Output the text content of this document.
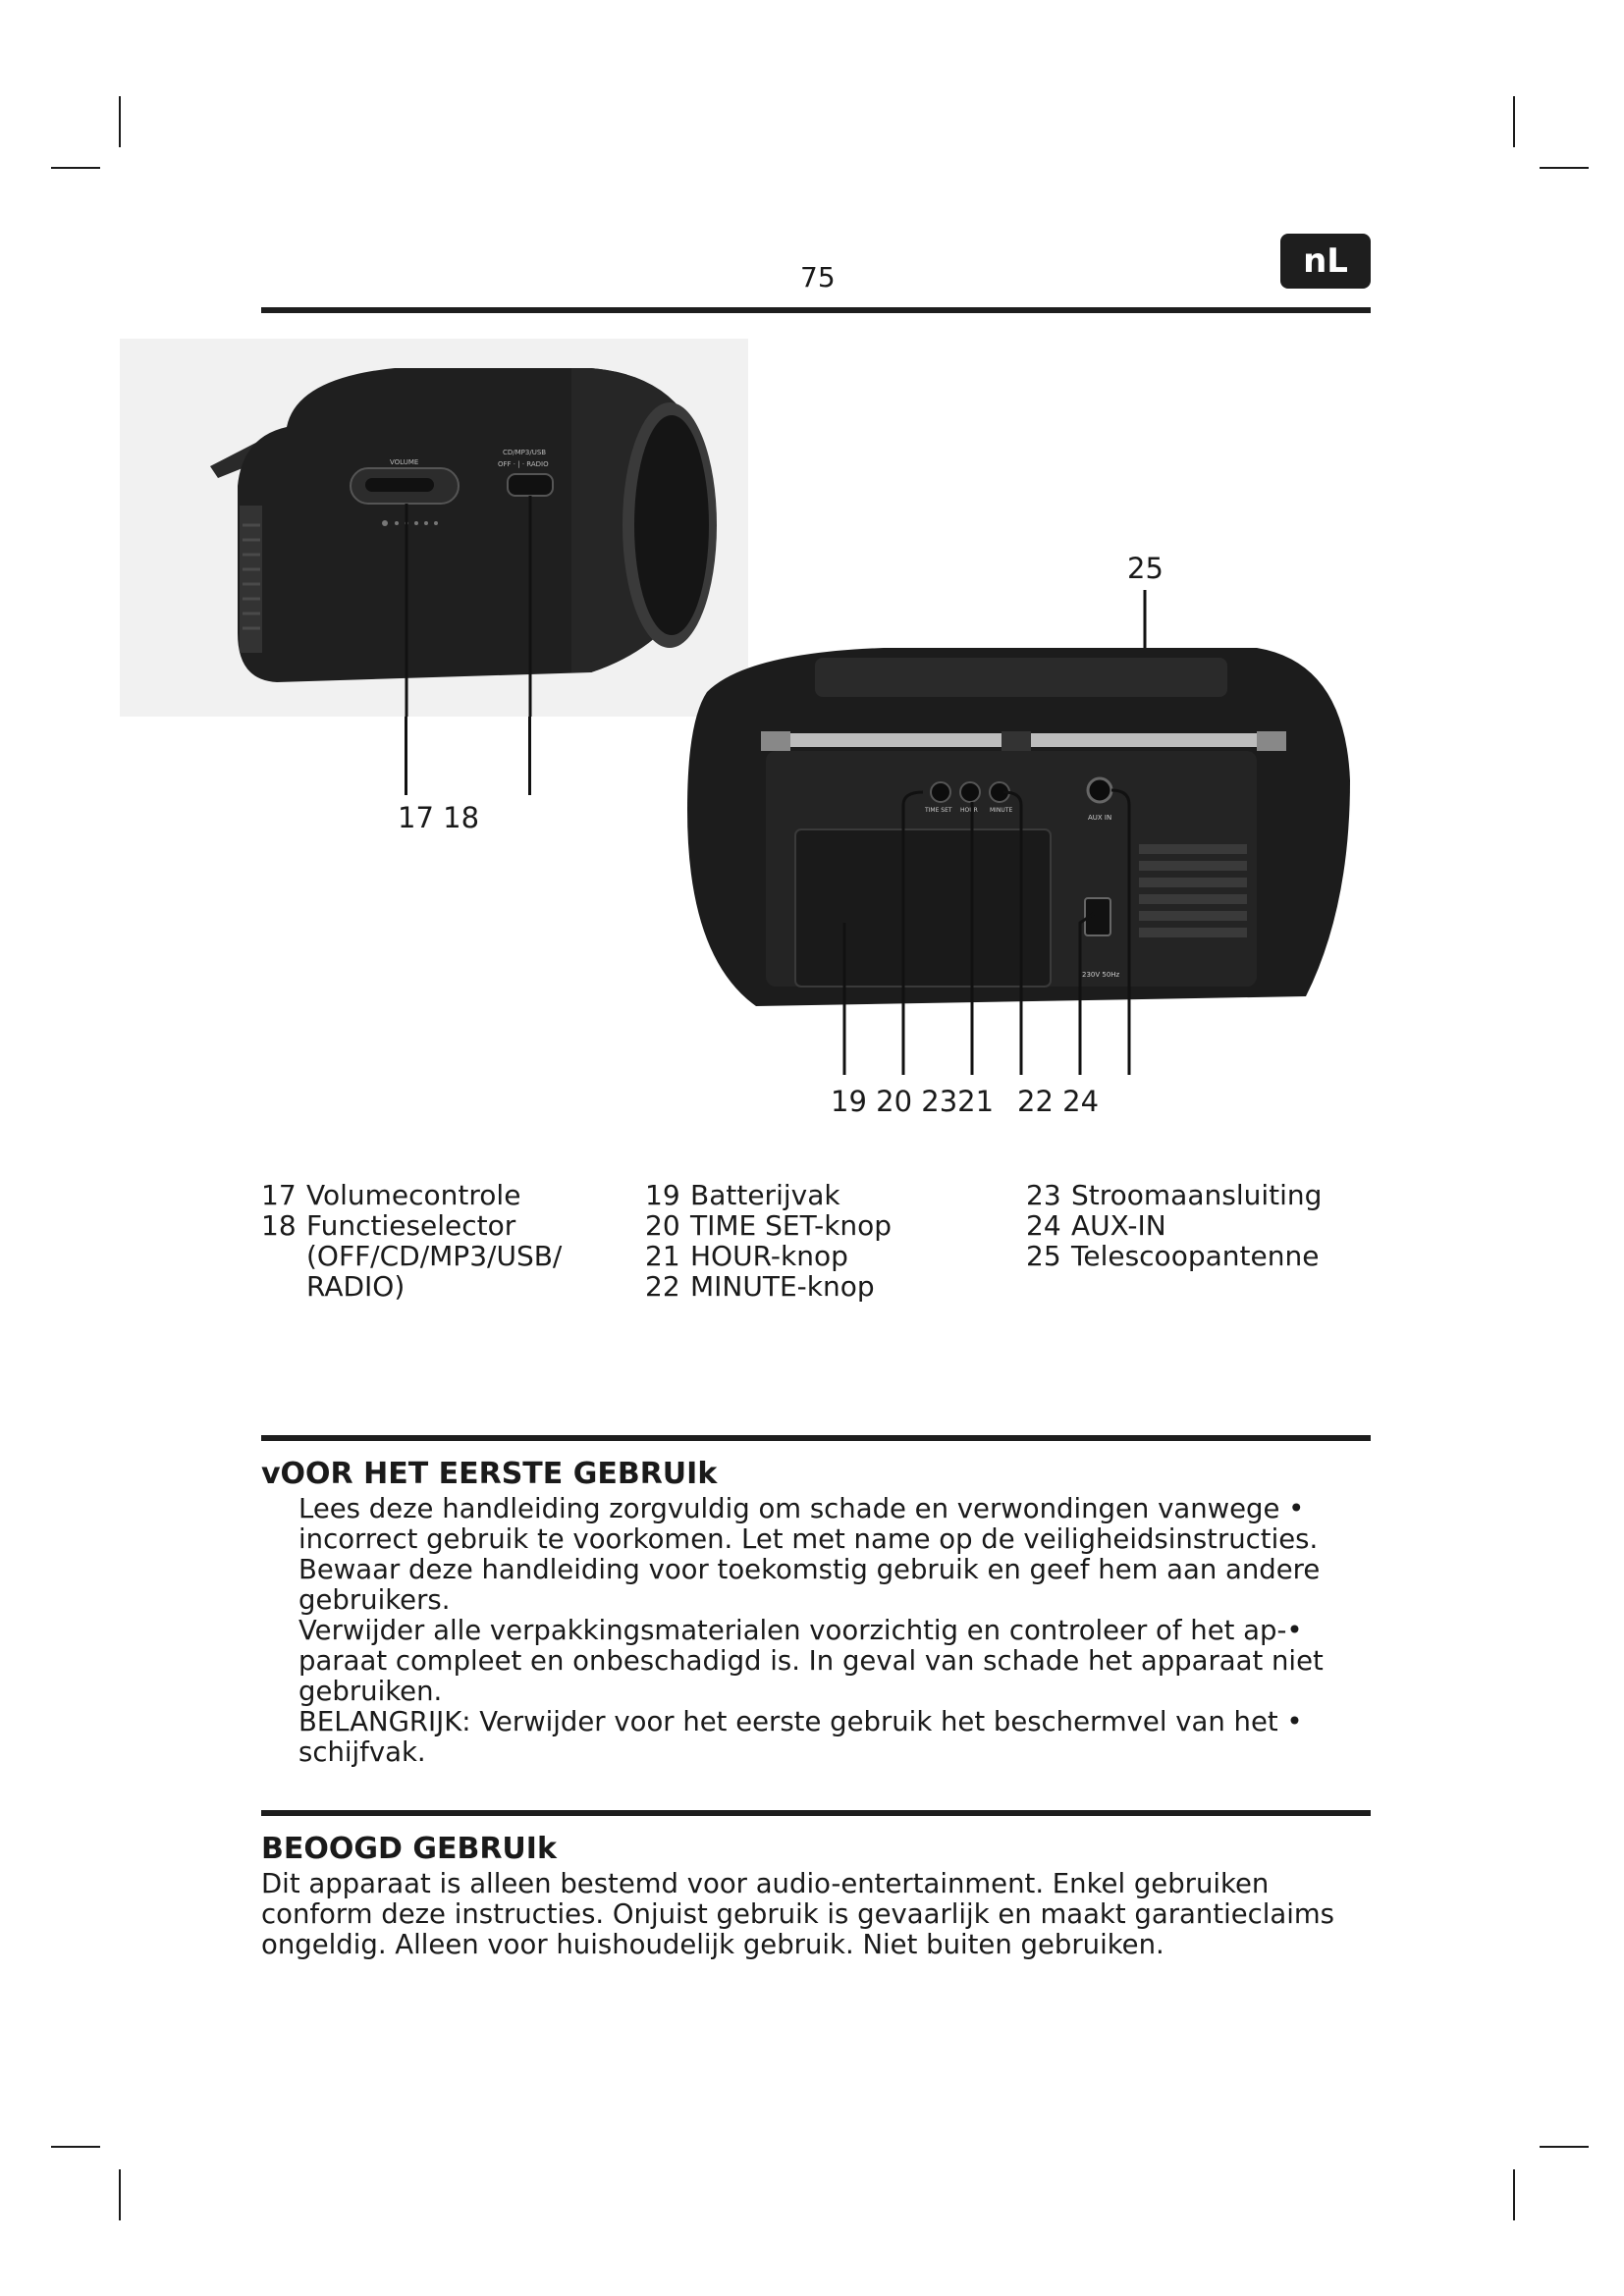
75	nL
VOLUME
CD/MP3/USB
OFF · | · RADIO
17 18
25
TIME SET HOUR MINUTE
AUX IN
230V 50Hz
19 20 2321 22 24
17 Volumecontrole
18 Functieselector
(OFF/CD/MP3/USB/
RADIO)
19 Batterijvak
20 TIME SET-knop
21 HOUR-knop
22 MINUTE-knop
23 Stroomaansluiting
24 AUX-IN
25 Telescoopantenne
vOOR HET EERSTE GEBRUIk
Lees deze handleiding zorgvuldig om schade en verwondingen vanwege •
incorrect gebruik te voorkomen. Let met name op de veiligheidsinstructies.
Bewaar deze handleiding voor toekomstig gebruik en geef hem aan andere
gebruikers.
Verwijder alle verpakkingsmaterialen voorzichtig en controleer of het ap-•
paraat compleet en onbeschadigd is. In geval van schade het apparaat niet
gebruiken.
BELANGRIJK: Verwijder voor het eerste gebruik het beschermvel van het •
schijfvak.
BEOOGD GEBRUIk
Dit apparaat is alleen bestemd voor audio-entertainment. Enkel gebruiken
conform deze instructies. Onjuist gebruik is gevaarlijk en maakt garantieclaims
ongeldig. Alleen voor huishoudelijk gebruik. Niet buiten gebruiken.
